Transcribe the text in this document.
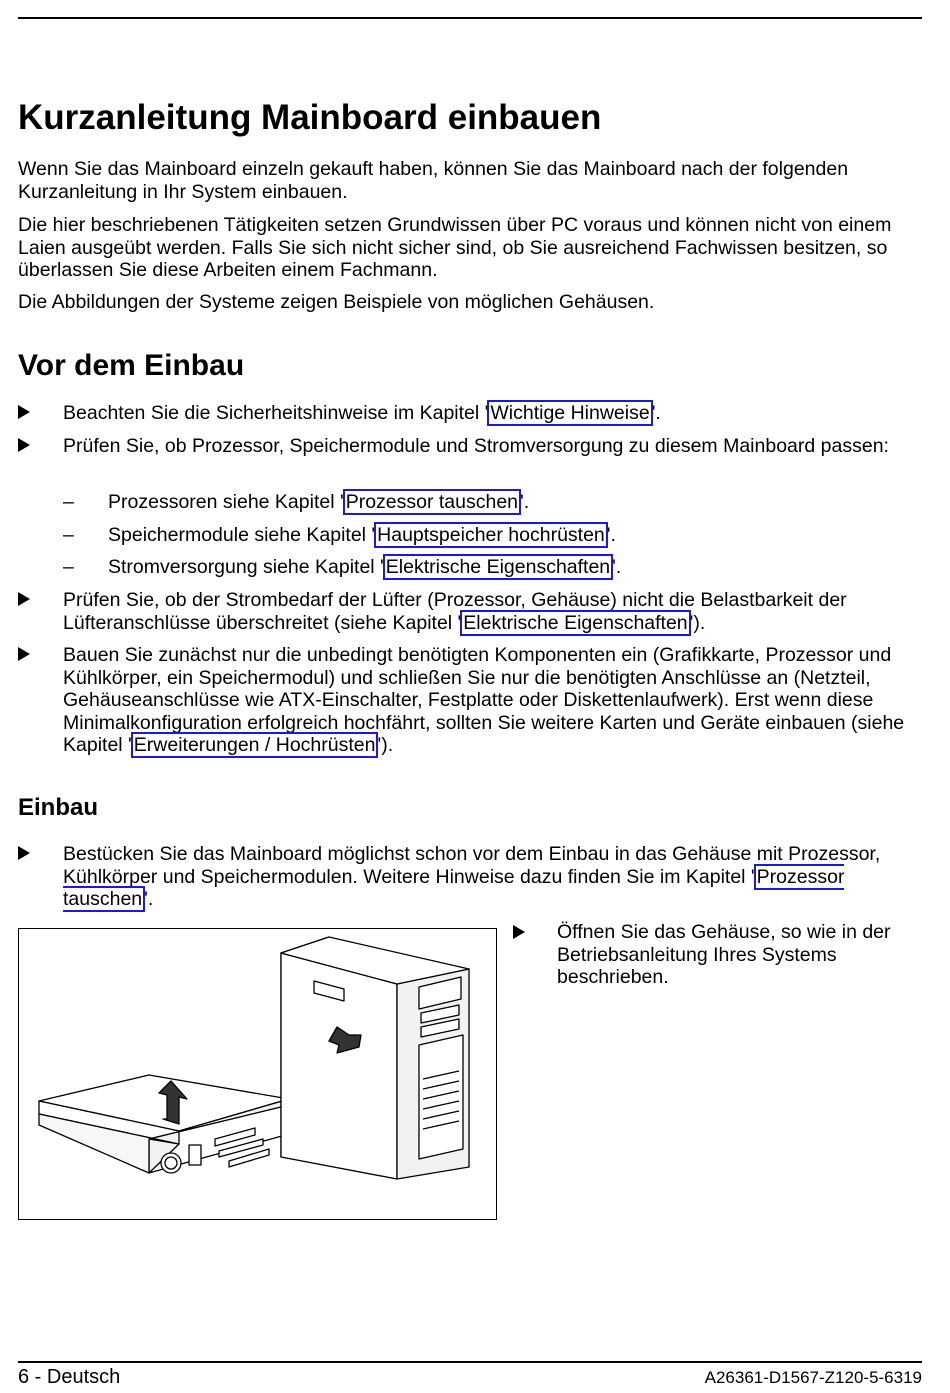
Kurzanleitung Mainboard einbauen

Wenn Sie das Mainboard einzeln gekauft haben, können Sie das Mainboard nach der folgenden Kurzanleitung in Ihr System einbauen.

Die hier beschriebenen Tätigkeiten setzen Grundwissen über PC voraus und können nicht von einem Laien ausgeübt werden. Falls Sie sich nicht sicher sind, ob Sie ausreichend Fachwissen besitzen, so überlassen Sie diese Arbeiten einem Fachmann.

Die Abbildungen der Systeme zeigen Beispiele von möglichen Gehäusen.

Vor dem Einbau
Beachten Sie die Sicherheitshinweise im Kapitel ' Wichtige Hinweise '.
Prüfen Sie, ob Prozessor, Speichermodule und Stromversorgung zu diesem Mainboard passen:
– Prozessoren siehe Kapitel ' Prozessor tauschen '.
– Speichermodule siehe Kapitel ' Hauptspeicher hochrüsten '.
– Stromversorgung siehe Kapitel ' Elektrische Eigenschaften '.
Prüfen Sie, ob der Strombedarf der Lüfter (Prozessor, Gehäuse) nicht die Belastbarkeit der Lüfteranschlüsse überschreitet (siehe Kapitel ' Elektrische Eigenschaften ').
Bauen Sie zunächst nur die unbedingt benötigten Komponenten ein (Grafikkarte, Prozessor und Kühlkörper, ein Speichermodul) und schließen Sie nur die benötigten Anschlüsse an (Netzteil, Gehäuseanschlüsse wie ATX-Einschalter, Festplatte oder Diskettenlaufwerk). Erst wenn diese Minimalkonfiguration erfolgreich hochfährt, sollten Sie weitere Karten und Geräte einbauen (siehe Kapitel ' Erweiterungen / Hochrüsten ').
Einbau
Bestücken Sie das Mainboard möglichst schon vor dem Einbau in das Gehäuse mit Prozessor, Kühlkörper und Speichermodulen. Weitere Hinweise dazu finden Sie im Kapitel ' Prozessor tauschen '.
Öffnen Sie das Gehäuse, so wie in der Betriebsanleitung Ihres Systems beschrieben.
6 - Deutsch	A26361-D1567-Z120-5-6319
